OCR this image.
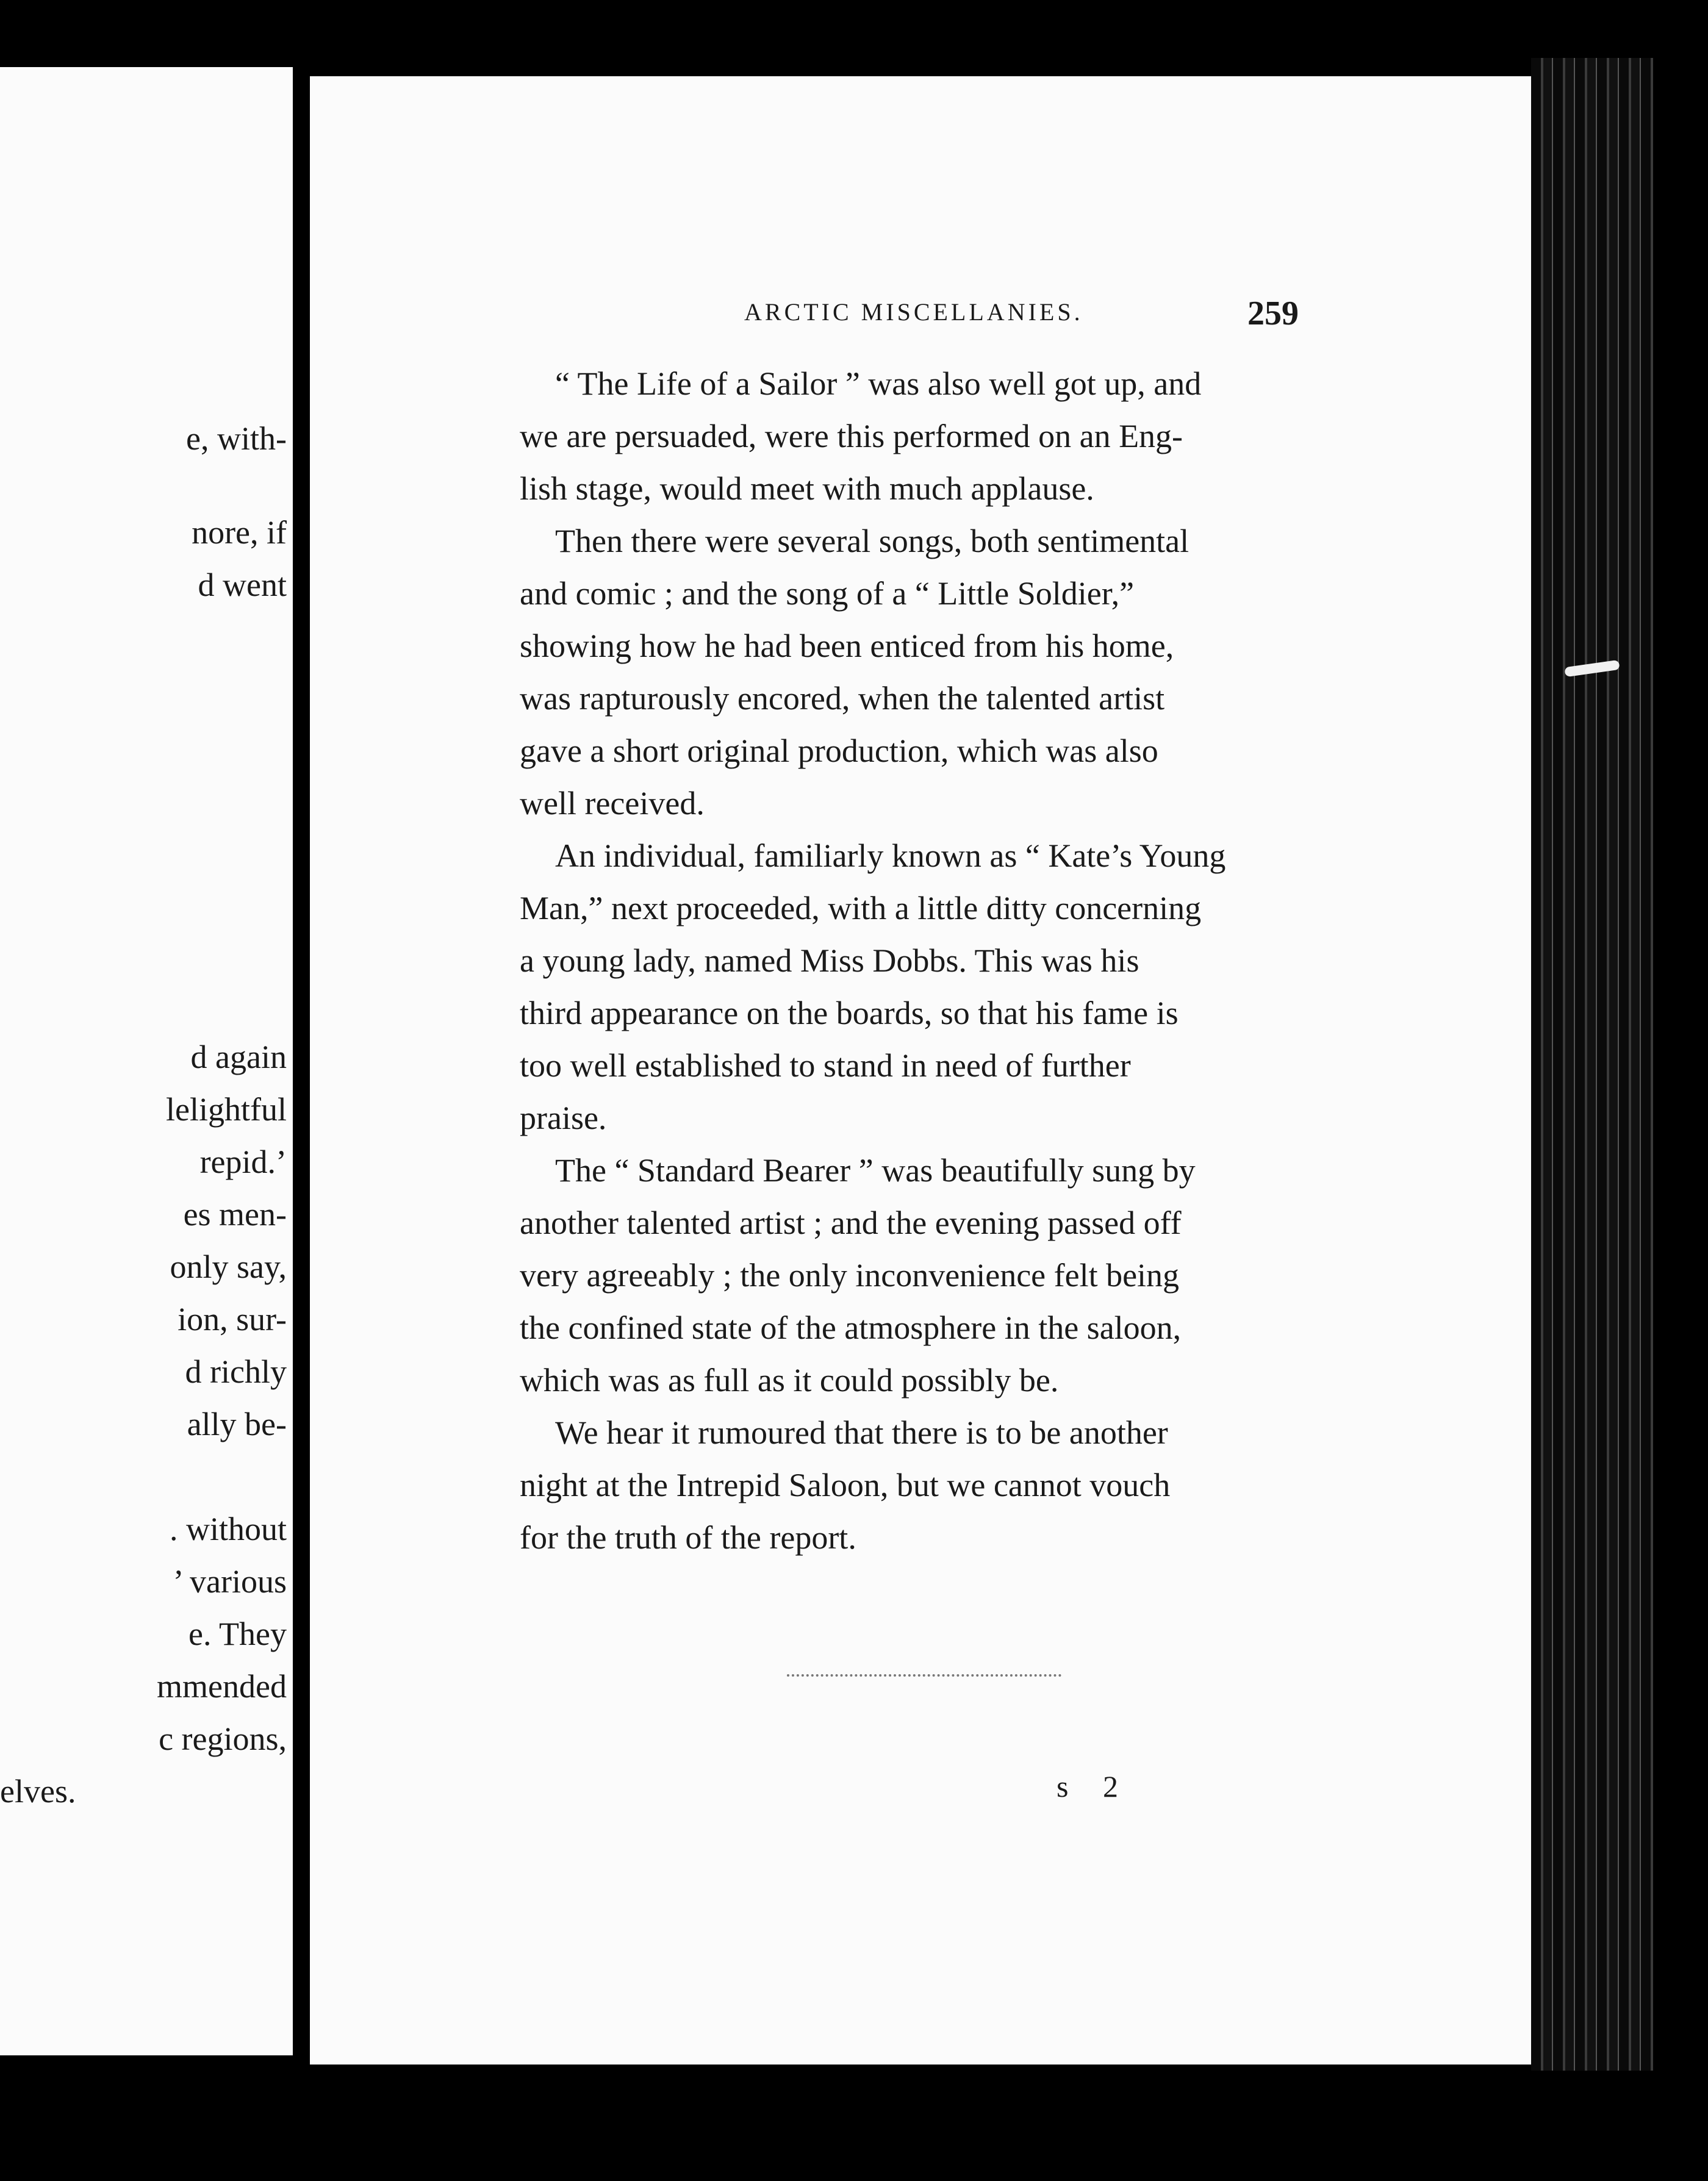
e, with-
nore, if
d went
d again
lelightful
repid.’
es men-
only say,
ion, sur-
d richly
ally be-
. without
’ various
e. They
mmended
c regions,
elves.
ARCTIC MISCELLANIES.	259
“ The Life of a Sailor ” was also well got up, and
we are persuaded, were this performed on an Eng-
lish stage, would meet with much applause.
Then there were several songs, both sentimental
and comic ; and the song of a “ Little Soldier,”
showing how he had been enticed from his home,
was rapturously encored, when the talented artist
gave a short original production, which was also
well received.
An individual, familiarly known as “ Kate’s Young
Man,” next proceeded, with a little ditty concerning
a young lady, named Miss Dobbs. This was his
third appearance on the boards, so that his fame is
too well established to stand in need of further
praise.
The “ Standard Bearer ” was beautifully sung by
another talented artist ; and the evening passed off
very agreeably ; the only inconvenience felt being
the confined state of the atmosphere in the saloon,
which was as full as it could possibly be.
We hear it rumoured that there is to be another
night at the Intrepid Saloon, but we cannot vouch
for the truth of the report.
s 2
